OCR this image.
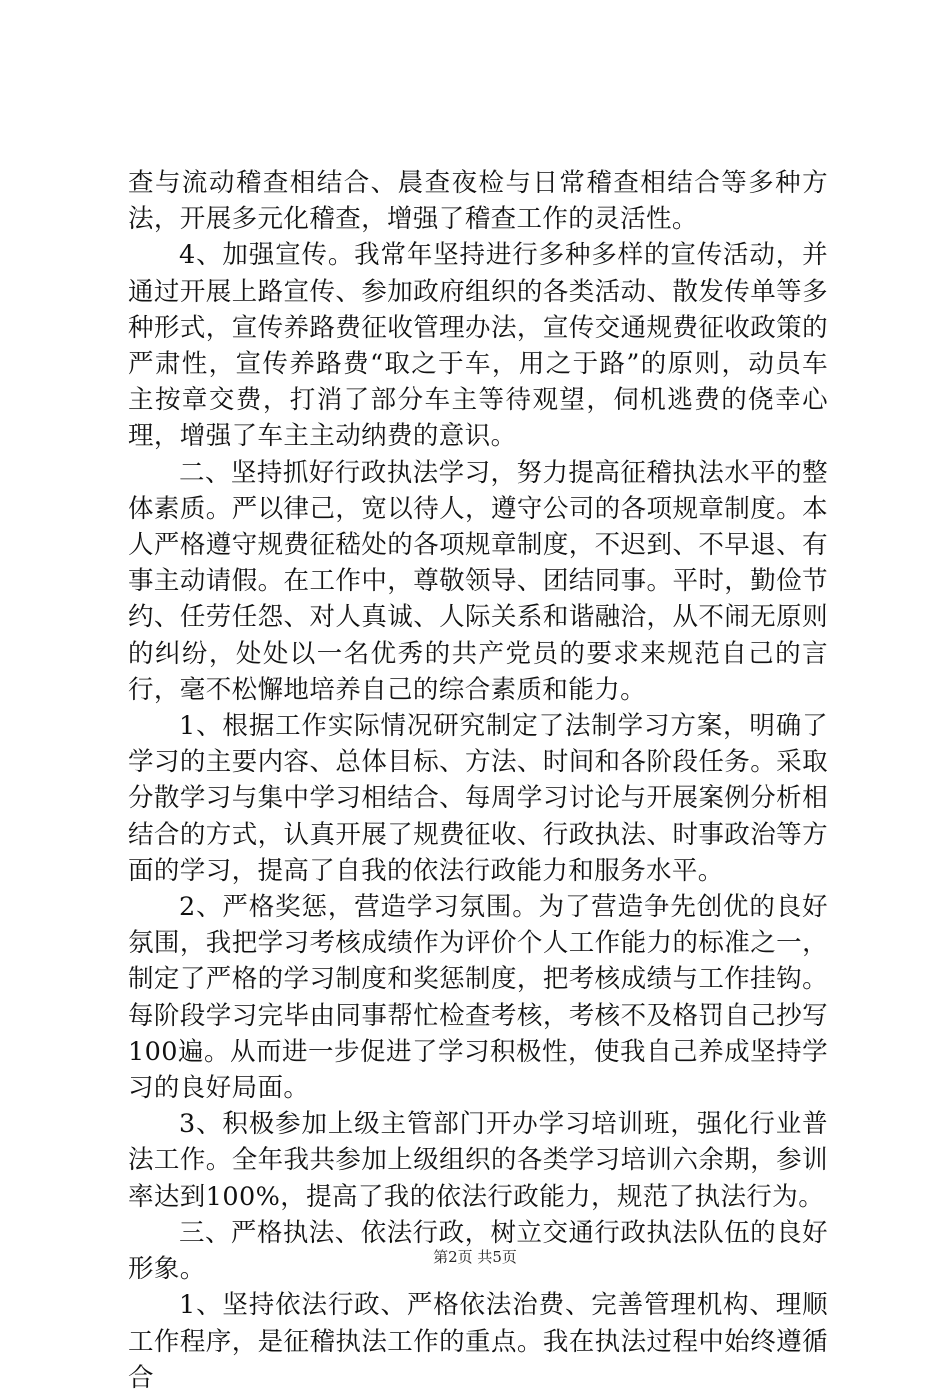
查与流动稽查相结合、晨查夜检与日常稽查相结合等多种方法，开展多元化稽查，增强了稽查工作的灵活性。

4、加强宣传。我常年坚持进行多种多样的宣传活动，并通过开展上路宣传、参加政府组织的各类活动、散发传单等多种形式，宣传养路费征收管理办法，宣传交通规费征收政策的严肃性，宣传养路费“取之于车，用之于路”的原则，动员车主按章交费，打消了部分车主等待观望，伺机逃费的侥幸心理，增强了车主主动纳费的意识。

二、坚持抓好行政执法学习，努力提高征稽执法水平的整体素质。严以律己，宽以待人，遵守公司的各项规章制度。本人严格遵守规费征嵇处的各项规章制度，不迟到、不早退、有事主动请假。在工作中，尊敬领导、团结同事。平时，勤俭节约、任劳任怨、对人真诚、人际关系和谐融洽，从不闹无原则的纠纷，处处以一名优秀的共产党员的要求来规范自己的言行，毫不松懈地培养自己的综合素质和能力。

1、根据工作实际情况研究制定了法制学习方案，明确了学习的主要内容、总体目标、方法、时间和各阶段任务。采取分散学习与集中学习相结合、每周学习讨论与开展案例分析相结合的方式，认真开展了规费征收、行政执法、时事政治等方面的学习，提高了自我的依法行政能力和服务水平。

2、严格奖惩，营造学习氛围。为了营造争先创优的良好氛围，我把学习考核成绩作为评价个人工作能力的标准之一，制定了严格的学习制度和奖惩制度，把考核成绩与工作挂钩。每阶段学习完毕由同事帮忙检查考核，考核不及格罚自己抄写100遍。从而进一步促进了学习积极性，使我自己养成坚持学习的良好局面。

3、积极参加上级主管部门开办学习培训班，强化行业普法工作。全年我共参加上级组织的各类学习培训六余期，参训率达到100%，提高了我的依法行政能力，规范了执法行为。

三、严格执法、依法行政，树立交通行政执法队伍的良好形象。

1、坚持依法行政、严格依法治费、完善管理机构、理顺工作程序，是征稽执法工作的重点。我在执法过程中始终遵循合

第2页 共5页
